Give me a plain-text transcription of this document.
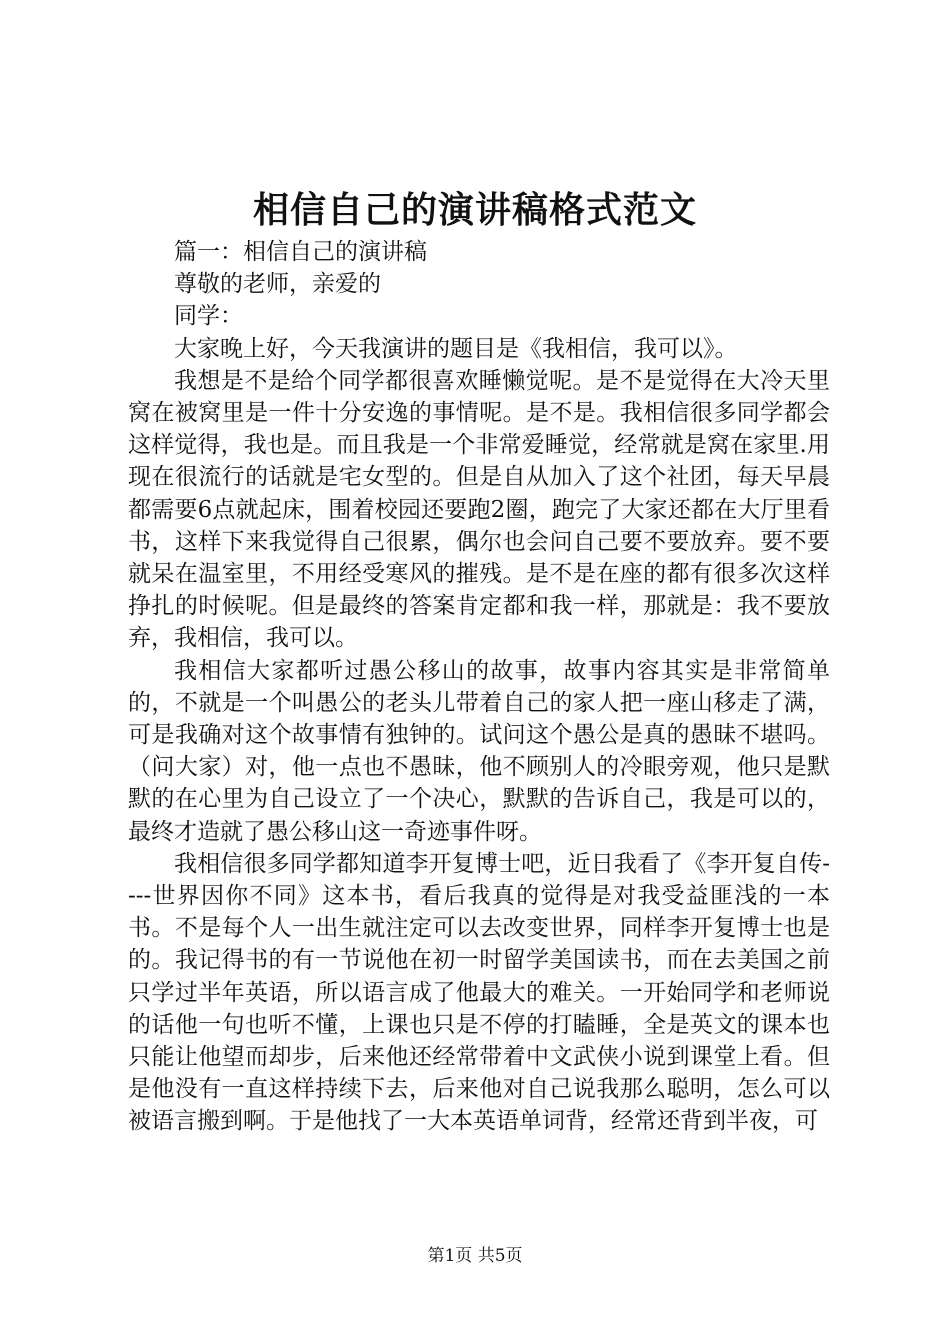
相信自己的演讲稿格式范文

篇一：相信自己的演讲稿

尊敬的老师，亲爱的

同学：

大家晚上好，今天我演讲的题目是《我相信，我可以》。

我想是不是给个同学都很喜欢睡懒觉呢。是不是觉得在大冷天里窝在被窝里是一件十分安逸的事情呢。是不是。我相信很多同学都会这样觉得，我也是。而且我是一个非常爱睡觉，经常就是窝在家里.用现在很流行的话就是宅女型的。但是自从加入了这个社团，每天早晨都需要6点就起床，围着校园还要跑2圈，跑完了大家还都在大厅里看书，这样下来我觉得自己很累，偶尔也会问自己要不要放弃。要不要就呆在温室里，不用经受寒风的摧残。是不是在座的都有很多次这样挣扎的时候呢。但是最终的答案肯定都和我一样，那就是：我不要放弃，我相信，我可以。

我相信大家都听过愚公移山的故事，故事内容其实是非常简单的，不就是一个叫愚公的老头儿带着自己的家人把一座山移走了满，可是我确对这个故事情有独钟的。试问这个愚公是真的愚昧不堪吗。（问大家）对，他一点也不愚昧，他不顾别人的冷眼旁观，他只是默默的在心里为自己设立了一个决心，默默的告诉自己，我是可以的，最终才造就了愚公移山这一奇迹事件呀。

我相信很多同学都知道李开复博士吧，近日我看了《李开复自传----世界因你不同》这本书，看后我真的觉得是对我受益匪浅的一本书。不是每个人一出生就注定可以去改变世界，同样李开复博士也是的。我记得书的有一节说他在初一时留学美国读书，而在去美国之前只学过半年英语，所以语言成了他最大的难关。一开始同学和老师说的话他一句也听不懂，上课也只是不停的打瞌睡，全是英文的课本也只能让他望而却步，后来他还经常带着中文武侠小说到课堂上看。但是他没有一直这样持续下去，后来他对自己说我那么聪明，怎么可以被语言搬到啊。于是他找了一大本英语单词背，经常还背到半夜，可

第1页 共5页
